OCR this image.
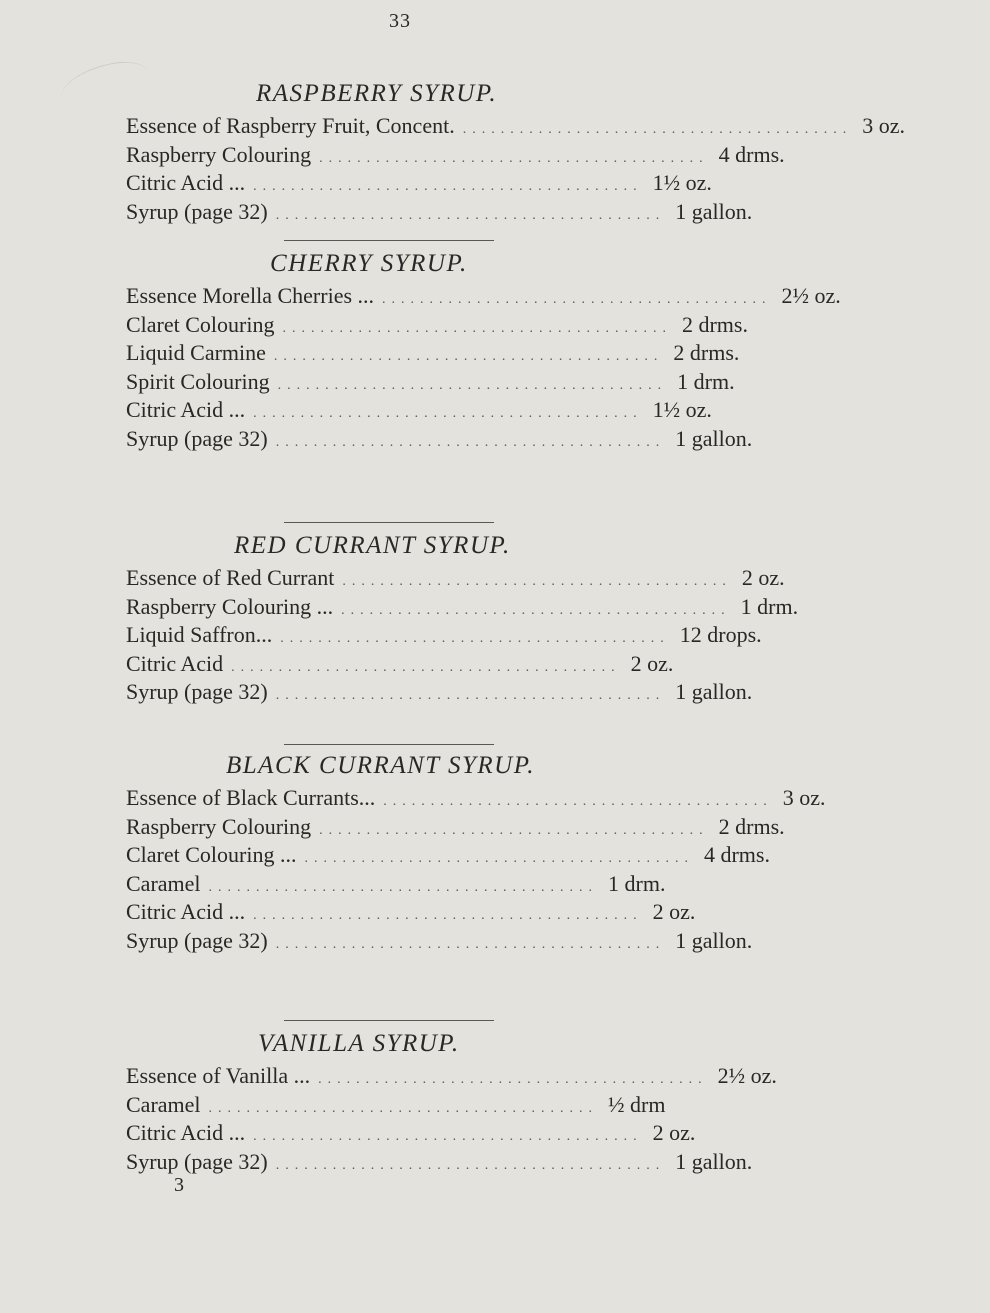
33
RASPBERRY SYRUP.
Essence of Raspberry Fruit, Concent. ......................................... 3 oz.
Raspberry Colouring ......................................... 4 drms.
Citric Acid ... ......................................... 1½ oz.
Syrup (page 32) ......................................... 1 gallon.
CHERRY SYRUP.
Essence Morella Cherries ... ......................................... 2½ oz.
Claret Colouring ......................................... 2 drms.
Liquid Carmine ......................................... 2 drms.
Spirit Colouring ......................................... 1 drm.
Citric Acid ... ......................................... 1½ oz.
Syrup (page 32) ......................................... 1 gallon.
RED CURRANT SYRUP.
Essence of Red Currant ......................................... 2 oz.
Raspberry Colouring ... ......................................... 1 drm.
Liquid Saffron... ......................................... 12 drops.
Citric Acid ......................................... 2 oz.
Syrup (page 32) ......................................... 1 gallon.
BLACK CURRANT SYRUP.
Essence of Black Currants... ......................................... 3 oz.
Raspberry Colouring ......................................... 2 drms.
Claret Colouring ... ......................................... 4 drms.
Caramel ......................................... 1 drm.
Citric Acid ... ......................................... 2 oz.
Syrup (page 32) ......................................... 1 gallon.
VANILLA SYRUP.
Essence of Vanilla ... ......................................... 2½ oz.
Caramel ......................................... ½ drm
Citric Acid ... ......................................... 2 oz.
Syrup (page 32) ......................................... 1 gallon.
3
